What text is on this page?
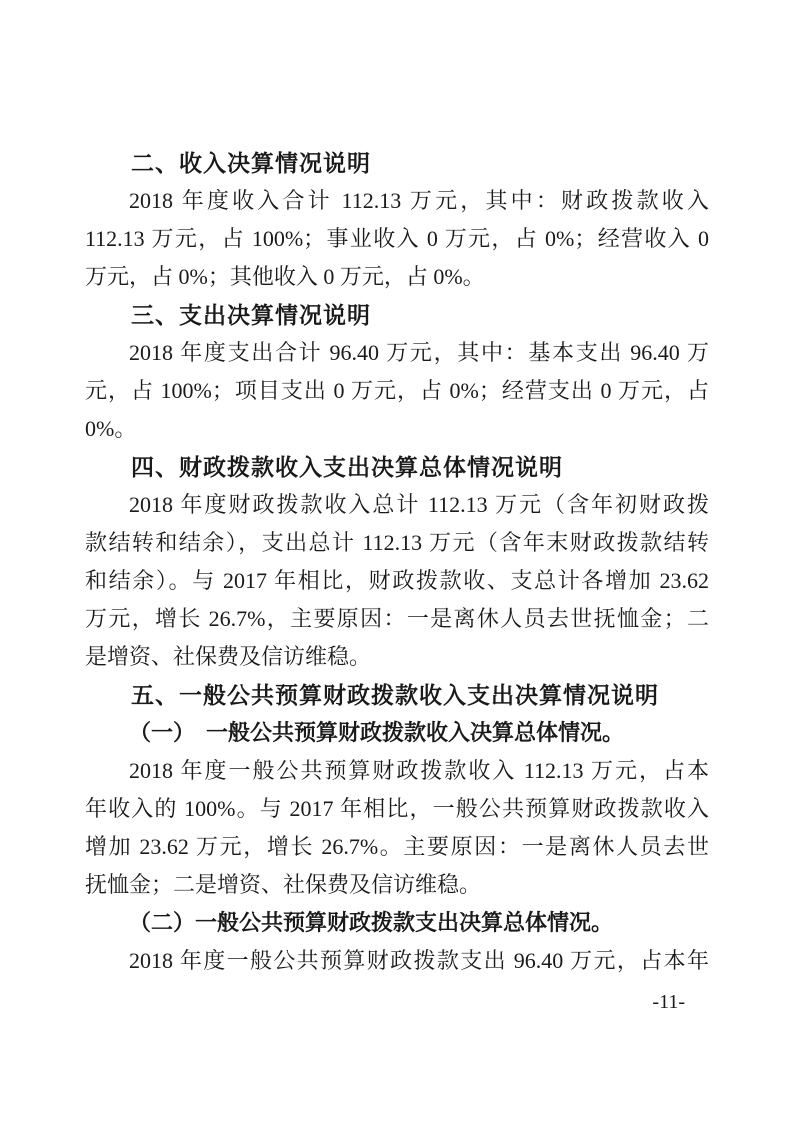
二、收入决算情况说明
2018 年度收入合计 112.13 万元，其中：财政拨款收入
112.13 万元，占 100%；事业收入 0 万元，占 0%；经营收入 0
万元，占 0%；其他收入 0 万元，占 0%。
三、支出决算情况说明
2018 年度支出合计 96.40 万元，其中：基本支出 96.40 万
元，占 100%；项目支出 0 万元，占 0%；经营支出 0 万元，占
0%。
四、财政拨款收入支出决算总体情况说明
2018 年度财政拨款收入总计 112.13 万元（含年初财政拨
款结转和结余），支出总计 112.13 万元（含年末财政拨款结转
和结余）。与 2017 年相比，财政拨款收、支总计各增加 23.62
万元，增长 26.7%，主要原因：一是离休人员去世抚恤金；二
是增资、社保费及信访维稳。
五、一般公共预算财政拨款收入支出决算情况说明
（一）　一般公共预算财政拨款收入决算总体情况。
2018 年度一般公共预算财政拨款收入 112.13 万元，占本
年收入的 100%。与 2017 年相比，一般公共预算财政拨款收入
增加 23.62 万元，增长 26.7%。主要原因：一是离休人员去世
抚恤金；二是增资、社保费及信访维稳。
（二）一般公共预算财政拨款支出决算总体情况。
2018 年度一般公共预算财政拨款支出 96.40 万元，占本年
-11-
